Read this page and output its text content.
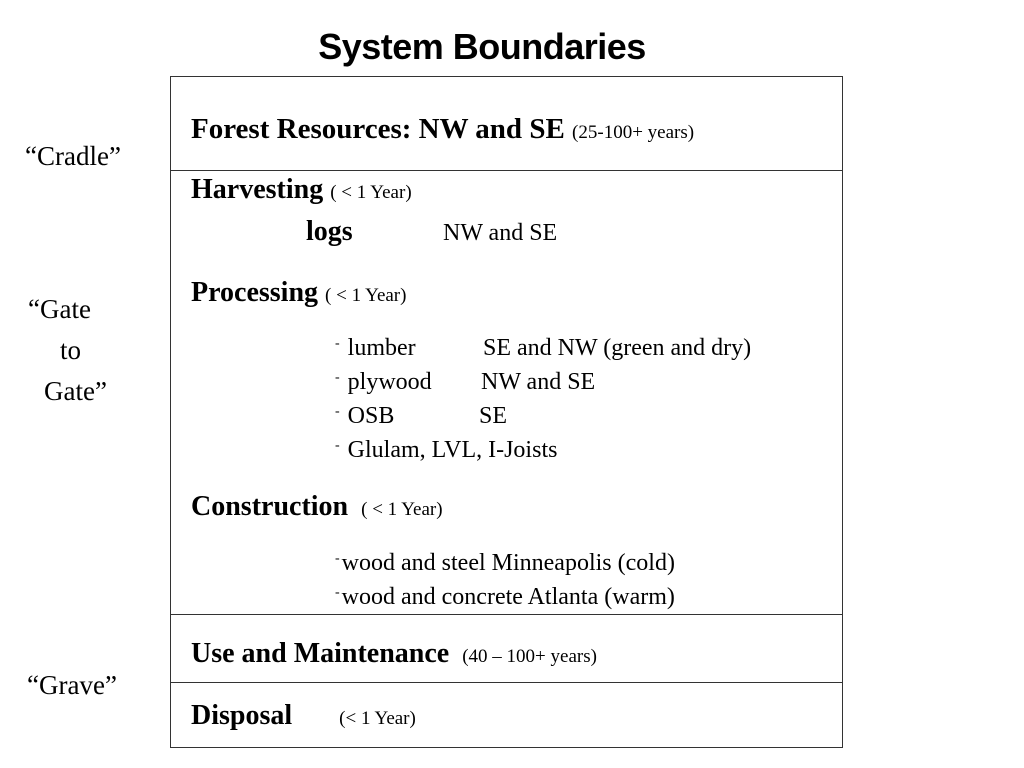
System Boundaries
“Cradle”
“Gate
to
Gate”
“Grave”
Forest Resources: NW and SE (25-100+ years)
Harvesting ( < 1 Year)
logs	NW and SE
Processing ( < 1 Year)
- lumber	SE and NW (green and dry)
- plywood NW and SE
- OSB	SE
- Glulam, LVL, I-Joists
Construction ( < 1 Year)
-wood and steel Minneapolis (cold)
-wood and concrete Atlanta (warm)
Use and Maintenance (40 – 100+ years)
Disposal (< 1 Year)
